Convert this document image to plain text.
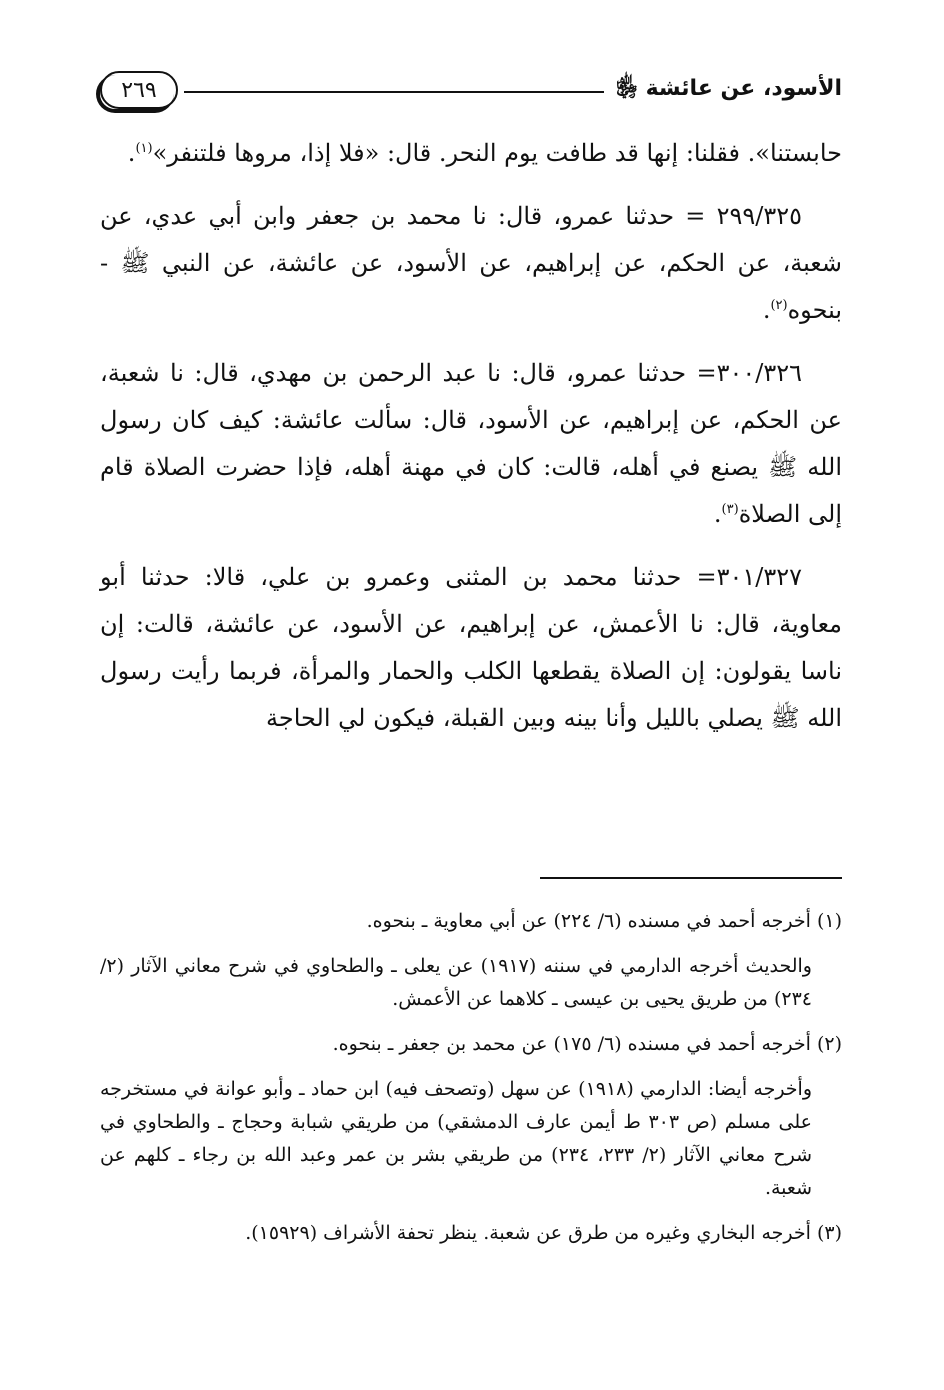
الأسود، عن عائشة ﵂
٢٦٩

حابستنا». فقلنا: إنها قد طافت يوم النحر. قال: «فلا إذا، مروها فلتنفر»$^{(١)}$.

٢٩٩/٣٢٥ = حدثنا عمرو، قال: نا محمد بن جعفر وابن أبي عدي، عن شعبة، عن الحكم، عن إبراهيم، عن الأسود، عن عائشة، عن النبي ﷺ - بنحوه$^{(٢)}$.

٣٠٠/٣٢٦= حدثنا عمرو، قال: نا عبد الرحمن بن مهدي، قال: نا شعبة، عن الحكم، عن إبراهيم، عن الأسود، قال: سألت عائشة: كيف كان رسول الله ﷺ يصنع في أهله، قالت: كان في مهنة أهله، فإذا حضرت الصلاة قام إلى الصلاة$^{(٣)}$.

٣٠١/٣٢٧= حدثنا محمد بن المثنى وعمرو بن علي، قالا: حدثنا أبو معاوية، قال: نا الأعمش، عن إبراهيم، عن الأسود، عن عائشة، قالت: إن ناسا يقولون: إن الصلاة يقطعها الكلب والحمار والمرأة، فربما رأيت رسول الله ﷺ يصلي بالليل وأنا بينه وبين القبلة، فيكون لي الحاجة

(١) أخرجه أحمد في مسنده (٦/ ٢٢٤) عن أبي معاوية ـ بنحوه.

والحديث أخرجه الدارمي في سننه (١٩١٧) عن يعلى ـ والطحاوي في شرح معاني الآثار (٢/ ٢٣٤) من طريق يحيى بن عيسى ـ كلاهما عن الأعمش.

(٢) أخرجه أحمد في مسنده (٦/ ١٧٥) عن محمد بن جعفر ـ بنحوه.

وأخرجه أيضا: الدارمي (١٩١٨) عن سهل (وتصحف فيه) ابن حماد ـ وأبو عوانة في مستخرجه على مسلم (ص ٣٠٣ ط أيمن عارف الدمشقي) من طريقي شبابة وحجاج ـ والطحاوي في شرح معاني الآثار (٢/ ٢٣٣، ٢٣٤) من طريقي بشر بن عمر وعبد الله بن رجاء ـ كلهم عن شعبة.

(٣) أخرجه البخاري وغيره من طرق عن شعبة. ينظر تحفة الأشراف (١٥٩٢٩).
